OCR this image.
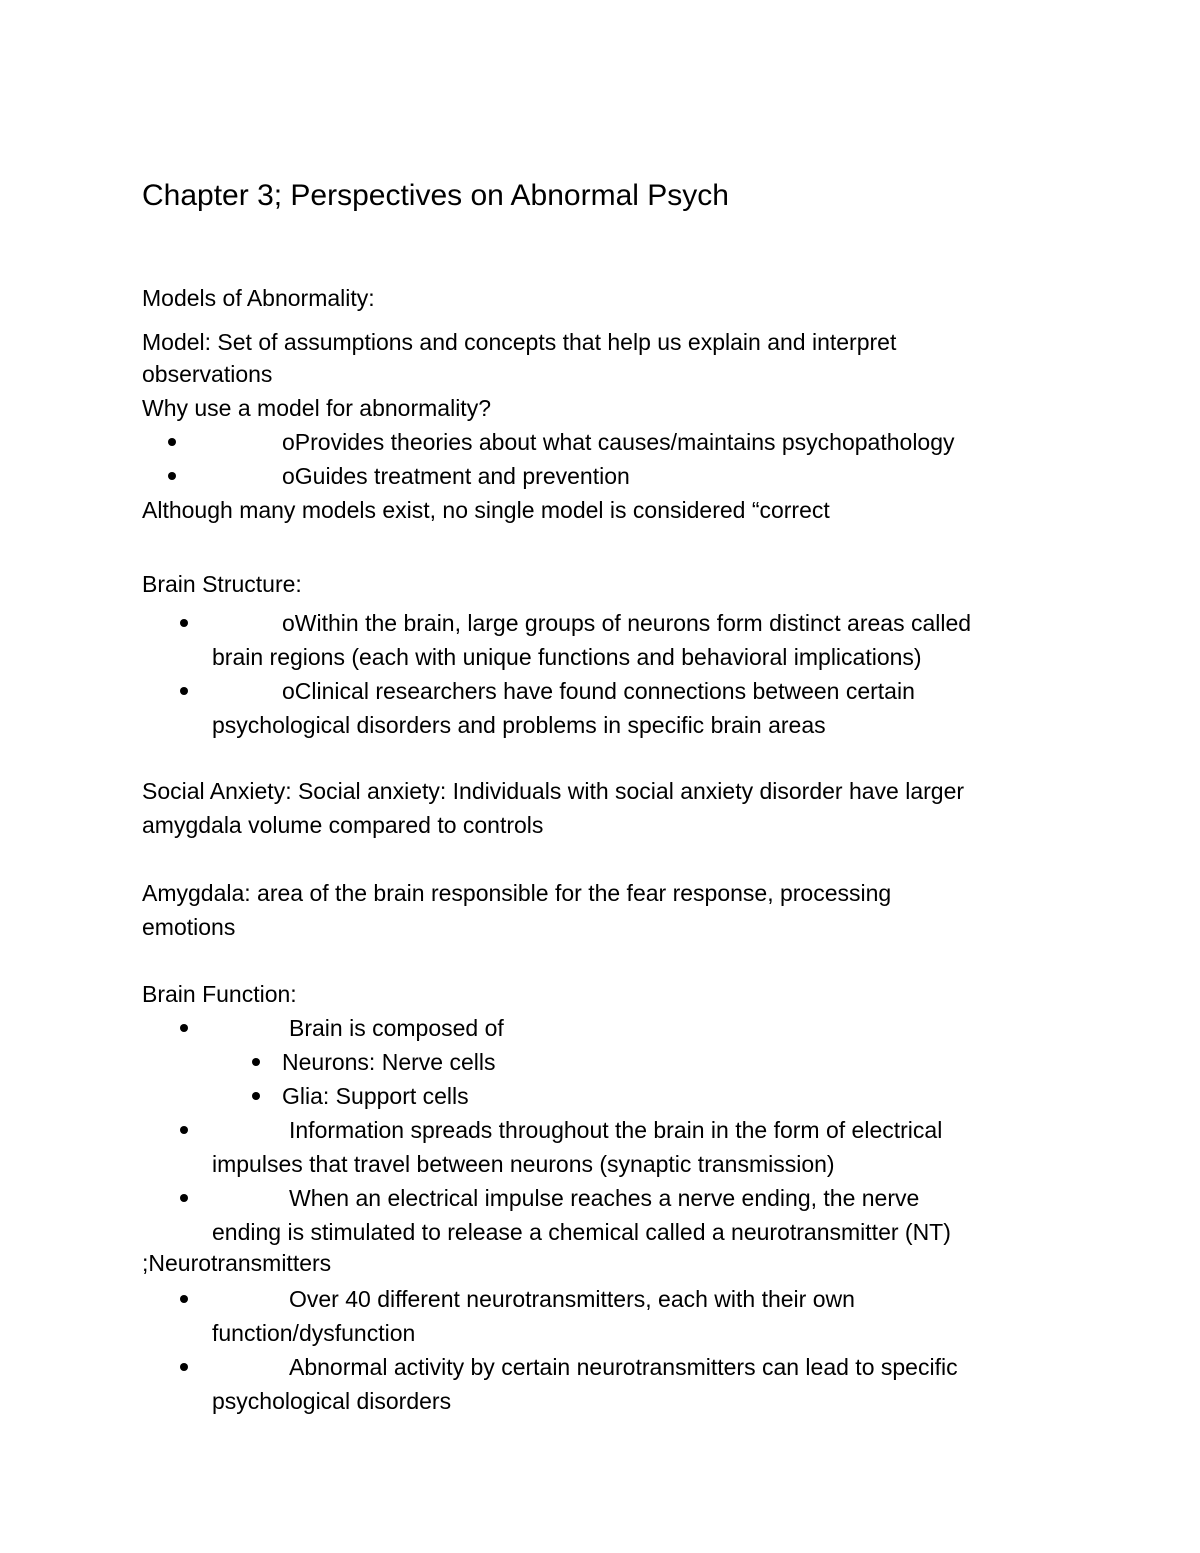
Chapter 3; Perspectives on Abnormal Psych
Models of Abnormality:
Model: Set of assumptions and concepts that help us explain and interpret
observations
Why use a model for abnormality?
oProvides theories about what causes/maintains psychopathology
oGuides treatment and prevention
Although many models exist, no single model is considered “correct
Brain Structure:
oWithin the brain, large groups of neurons form distinct areas called
brain regions (each with unique functions and behavioral implications)
oClinical researchers have found connections between certain
psychological disorders and problems in specific brain areas
Social Anxiety: Social anxiety: Individuals with social anxiety disorder have larger
amygdala volume compared to controls
Amygdala: area of the brain responsible for the fear response, processing
emotions
Brain Function:
Brain is composed of
Neurons: Nerve cells
Glia: Support cells
Information spreads throughout the brain in the form of electrical
impulses that travel between neurons (synaptic transmission)
When an electrical impulse reaches a nerve ending, the nerve
ending is stimulated to release a chemical called a neurotransmitter (NT)
;Neurotransmitters
Over 40 different neurotransmitters, each with their own
function/dysfunction
Abnormal activity by certain neurotransmitters can lead to specific
psychological disorders
